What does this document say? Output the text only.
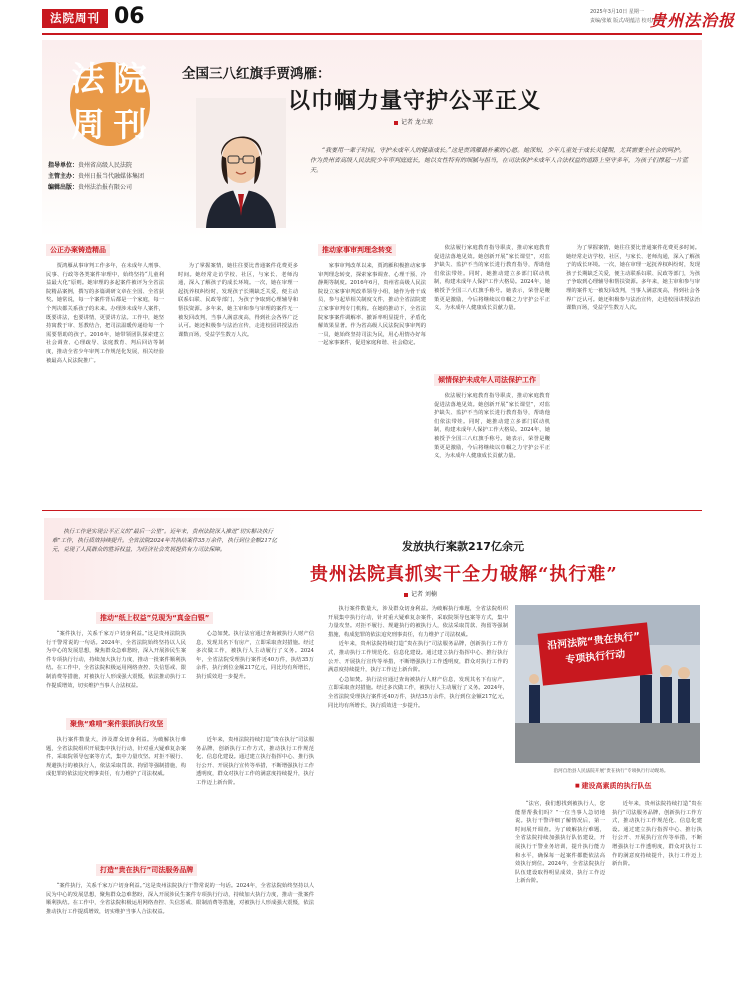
法院周刊 06	2025年3月10日 星期一
责编/张敏 版式/胡蕴洁 校对/龙英
贵州法治报
法 院
周 刊
指导单位：贵州省高级人民法院
主管主办：贵州日报当代融媒体集团
编辑出版：贵州法治报有限公司
全国三八红旗手贾鸿雁：
以巾帼力量守护公平正义
记者 龙立琼
“我要用一辈子时间，守护未成年人的健康成长。”这是贾鸿雁最朴素的心愿。她深知，少年儿童处于成长关键期，尤其需要全社会的呵护。作为贵州省高级人民法院少年审判庭庭长，她以女性特有的细腻与担当，在司法保护未成年人合法权益的道路上坚守多年，为孩子们撑起一片蓝天。
公正办案铸造精品	推动家事审判理念转变
倾情保护未成年人司法保护工作

贾鸿雁从事审判工作多年，在未成年人刑事、民事、行政等各类案件审理中，始终坚持“儿童利益最大化”原则。她审理的多起案件被评为全省法院精品案例，撰写的多篇调研文章在全国、全省获奖。她常说，每一个案件背后都是一个家庭，每一个判决都关系孩子的未来。办理涉未成年人案件，既要讲法，也要讲情，更要讲方法。工作中，她坚持寓教于审、惩教结合，把司法温暖传递给每一个需要帮助的孩子。2016年，她带领团队探索建立社会调查、心理疏导、法庭教育、判后回访等制度，推动全省少年审判工作规范化发展，相关经验被最高人民法院推广。

为了掌握案情，她往往要比普通案件花费更多时间。她经常走访学校、社区，与家长、老师沟通，深入了解孩子的成长环境。一次，她在审理一起抚养权纠纷时，发现孩子长期缺乏关爱，便主动联系妇联、民政等部门，为孩子争取到心理辅导和帮扶资源。多年来，她主审和参与审理的案件无一被发回改判，当事人满意度高，得到社会各界广泛认可。她还积极参与法治宣传，走进校园讲授法治课数百场，受益学生数万人次。

家事审判改革以来，贾鸿雁积极推动家事审判理念转变，探索家事调查、心理干预、冷静期等制度。2016年6月，贵州省高级人民法院设立家事审判改革领导小组，她作为骨干成员，参与起草相关制度文件，推动全省法院建立家事审判专门机构。在她的推动下，全省法院家事案件调解率、撤诉率明显提升，矛盾化解效果显著。作为省高级人民法院民事审判的一员，她始终坚持司法为民，用心用情办好每一起家事案件，促进家庭和谐、社会稳定。

依法履行家庭教育指导职责，推动家庭教育促进法落地见效。她创新开展“家长课堂”，对监护缺失、监护不当的家长进行教育指导，帮助他们依法带娃。同时，她推动建立多部门联动机制，构建未成年人保护工作大格局。2024年，她被授予全国三八红旗手称号。她表示，荣誉是鞭策更是激励，今后将继续以巾帼之力守护公平正义，为未成年人健康成长贡献力量。

依法履行家庭教育指导职责，推动家庭教育促进法落地见效。她创新开展“家长课堂”，对监护缺失、监护不当的家长进行教育指导，帮助他们依法带娃。同时，她推动建立多部门联动机制，构建未成年人保护工作大格局。2024年，她被授予全国三八红旗手称号。她表示，荣誉是鞭策更是激励，今后将继续以巾帼之力守护公平正义，为未成年人健康成长贡献力量。

为了掌握案情，她往往要比普通案件花费更多时间。她经常走访学校、社区，与家长、老师沟通，深入了解孩子的成长环境。一次，她在审理一起抚养权纠纷时，发现孩子长期缺乏关爱，便主动联系妇联、民政等部门，为孩子争取到心理辅导和帮扶资源。多年来，她主审和参与审理的案件无一被发回改判，当事人满意度高，得到社会各界广泛认可。她还积极参与法治宣传，走进校园讲授法治课数百场，受益学生数万人次。

执行工作是实现公平正义的“最后一公里”。近年来，贵州法院深入推进“切实解决执行难”工作，执行质效持续提升。全省法院2024年共执结案件35万余件，执行到位金额217亿元，兑现了人民群众的胜诉权益，为经济社会发展提供有力司法保障。	发放执行案款217亿余元
贵州法院真抓实干全力破解“执行难”
记者 刘楠
推动“纸上权益”兑现为“真金白银”
聚焦“难啃”案件狠抓执行攻坚
打造“贵在执行”司法服务品牌

“案件执行，关系千家万户切身利益。”这是贵州法院执行干警常说的一句话。2024年，全省法院始终坚持以人民为中心的发展思想，聚焦群众急难愁盼，深入开展涉民生案件专项执行行动，持续加大执行力度，推动一批案件顺利执结。在工作中，全省法院积极运用网络查控、失信惩戒、限制消费等措施，对被执行人形成强大震慑，依法推动执行工作提质增效，切实维护当事人合法权益。

心急如焚。执行法官通过查询被执行人财产信息，发现其名下有房产，立即采取查封措施。经过多次做工作，被执行人主动履行了义务。2024年，全省法院受理执行案件近40万件，执结35万余件，执行到位金额217亿元，同比均有所增长，执行质效进一步提升。

执行案件数量大，涉及群众切身利益。为破解执行难题，全省法院组织开展集中执行行动，针对重大疑难复杂案件，采取院领导包案等方式，集中力量攻坚。对拒不履行、规避执行的被执行人，依法采取罚款、拘留等强制措施，构成犯罪的依法追究刑事责任，有力维护了司法权威。

近年来，贵州法院持续打造“贵在执行”司法服务品牌，创新执行工作方式，推动执行工作规范化、信息化建设。通过建立执行指挥中心、推行执行公开、开展执行宣传等举措，不断增强执行工作透明度，群众对执行工作的满意度持续提升，执行工作迈上新台阶。

“案件执行，关系千家万户切身利益。”这是贵州法院执行干警常说的一句话。2024年，全省法院始终坚持以人民为中心的发展思想，聚焦群众急难愁盼，深入开展涉民生案件专项执行行动，持续加大执行力度，推动一批案件顺利执结。在工作中，全省法院积极运用网络查控、失信惩戒、限制消费等措施，对被执行人形成强大震慑，依法推动执行工作提质增效，切实维护当事人合法权益。

执行案件数量大，涉及群众切身利益。为破解执行难题，全省法院组织开展集中执行行动，针对重大疑难复杂案件，采取院领导包案等方式，集中力量攻坚。对拒不履行、规避执行的被执行人，依法采取罚款、拘留等强制措施，构成犯罪的依法追究刑事责任，有力维护了司法权威。

近年来，贵州法院持续打造“贵在执行”司法服务品牌，创新执行工作方式，推动执行工作规范化、信息化建设。通过建立执行指挥中心、推行执行公开、开展执行宣传等举措，不断增强执行工作透明度，群众对执行工作的满意度持续提升，执行工作迈上新台阶。

心急如焚。执行法官通过查询被执行人财产信息，发现其名下有房产，立即采取查封措施。经过多次做工作，被执行人主动履行了义务。2024年，全省法院受理执行案件近40万件，执结35万余件，执行到位金额217亿元，同比均有所增长，执行质效进一步提升。

沿河法院“贵在执行”
专项执行行动
沿河自治县人民法院开展“贵在执行”专项执行行动现场。
■ 建设高素质的执行队伍

“法官，我们想找到被执行人，您能帮帮我们吗？”一位当事人急切地说。执行干警详细了解情况后，第一时间展开调查。为了破解执行难题，全省法院持续加强执行队伍建设，开展执行干警业务培训，提升执行能力和水平，确保每一起案件都能依法高效执行到位。2024年，全省法院执行队伍建设取得明显成效，执行工作迈上新台阶。

近年来，贵州法院持续打造“贵在执行”司法服务品牌，创新执行工作方式，推动执行工作规范化、信息化建设。通过建立执行指挥中心、推行执行公开、开展执行宣传等举措，不断增强执行工作透明度，群众对执行工作的满意度持续提升，执行工作迈上新台阶。
